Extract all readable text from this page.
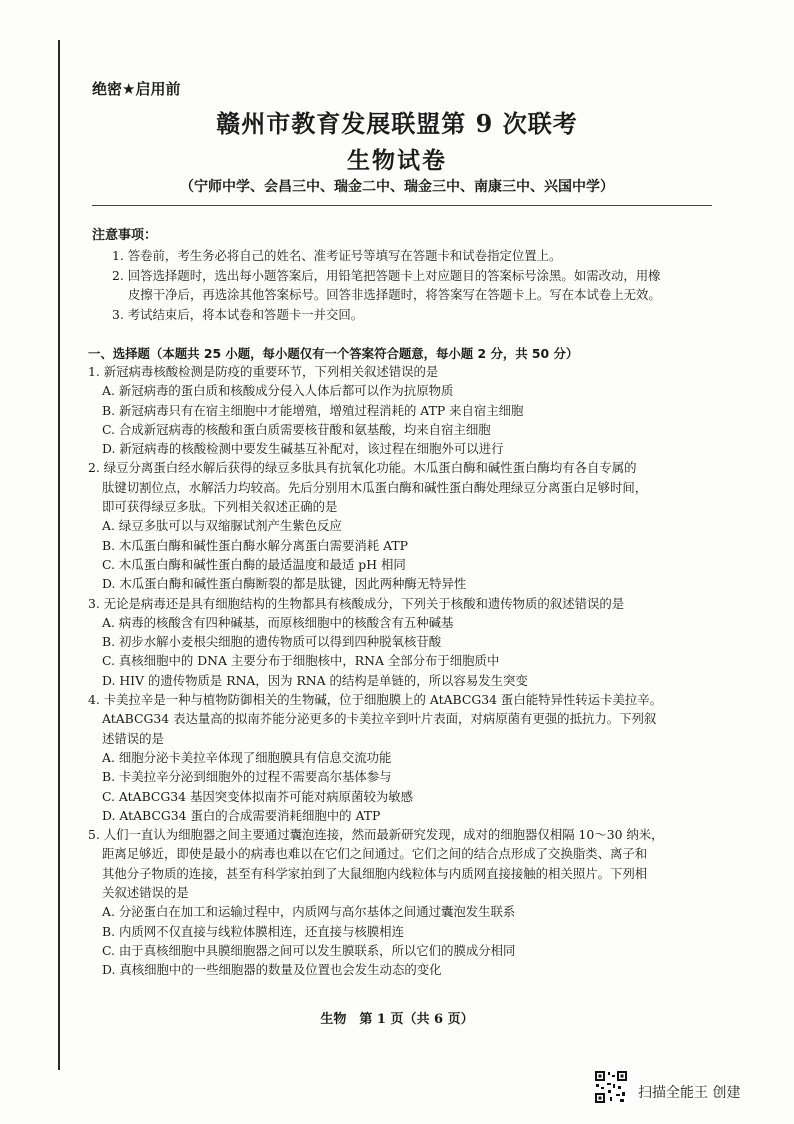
绝密★启用前
赣州市教育发展联盟第 9 次联考
生物试卷
（宁师中学、会昌三中、瑞金二中、瑞金三中、南康三中、兴国中学）
注意事项：

1. 答卷前，考生务必将自己的姓名、准考证号等填写在答题卡和试卷指定位置上。

2. 回答选择题时，选出每小题答案后，用铅笔把答题卡上对应题目的答案标号涂黑。如需改动，用橡

皮擦干净后，再选涂其他答案标号。回答非选择题时，将答案写在答题卡上。写在本试卷上无效。

3. 考试结束后，将本试卷和答题卡一并交回。

一、选择题（本题共 25 小题，每小题仅有一个答案符合题意，每小题 2 分，共 50 分）
1. 新冠病毒核酸检测是防疫的重要环节，下列相关叙述错误的是
A. 新冠病毒的蛋白质和核酸成分侵入人体后都可以作为抗原物质
B. 新冠病毒只有在宿主细胞中才能增殖，增殖过程消耗的 ATP 来自宿主细胞
C. 合成新冠病毒的核酸和蛋白质需要核苷酸和氨基酸，均来自宿主细胞
D. 新冠病毒的核酸检测中要发生碱基互补配对，该过程在细胞外可以进行
2. 绿豆分离蛋白经水解后获得的绿豆多肽具有抗氧化功能。木瓜蛋白酶和碱性蛋白酶均有各自专属的
肽键切割位点，水解活力均较高。先后分别用木瓜蛋白酶和碱性蛋白酶处理绿豆分离蛋白足够时间，
即可获得绿豆多肽。下列相关叙述正确的是
A. 绿豆多肽可以与双缩脲试剂产生紫色反应
B. 木瓜蛋白酶和碱性蛋白酶水解分离蛋白需要消耗 ATP
C. 木瓜蛋白酶和碱性蛋白酶的最适温度和最适 pH 相同
D. 木瓜蛋白酶和碱性蛋白酶断裂的都是肽键，因此两种酶无特异性
3. 无论是病毒还是具有细胞结构的生物都具有核酸成分，下列关于核酸和遗传物质的叙述错误的是
A. 病毒的核酸含有四种碱基，而原核细胞中的核酸含有五种碱基
B. 初步水解小麦根尖细胞的遗传物质可以得到四种脱氧核苷酸
C. 真核细胞中的 DNA 主要分布于细胞核中，RNA 全部分布于细胞质中
D. HIV 的遗传物质是 RNA，因为 RNA 的结构是单链的，所以容易发生突变
4. 卡美拉辛是一种与植物防御相关的生物碱，位于细胞膜上的 AtABCG34 蛋白能特异性转运卡美拉辛。
AtABCG34 表达量高的拟南芥能分泌更多的卡美拉辛到叶片表面，对病原菌有更强的抵抗力。下列叙
述错误的是
A. 细胞分泌卡美拉辛体现了细胞膜具有信息交流功能
B. 卡美拉辛分泌到细胞外的过程不需要高尔基体参与
C. AtABCG34 基因突变体拟南芥可能对病原菌较为敏感
D. AtABCG34 蛋白的合成需要消耗细胞中的 ATP
5. 人们一直认为细胞器之间主要通过囊泡连接，然而最新研究发现，成对的细胞器仅相隔 10～30 纳米，
距离足够近，即使是最小的病毒也难以在它们之间通过。它们之间的结合点形成了交换脂类、离子和
其他分子物质的连接，甚至有科学家拍到了大鼠细胞内线粒体与内质网直接接触的相关照片。下列相
关叙述错误的是
A. 分泌蛋白在加工和运输过程中，内质网与高尔基体之间通过囊泡发生联系
B. 内质网不仅直接与线粒体膜相连，还直接与核膜相连
C. 由于真核细胞中具膜细胞器之间可以发生膜联系，所以它们的膜成分相同
D. 真核细胞中的一些细胞器的数量及位置也会发生动态的变化
生物　第 1 页（共 6 页）
扫描全能王 创建
